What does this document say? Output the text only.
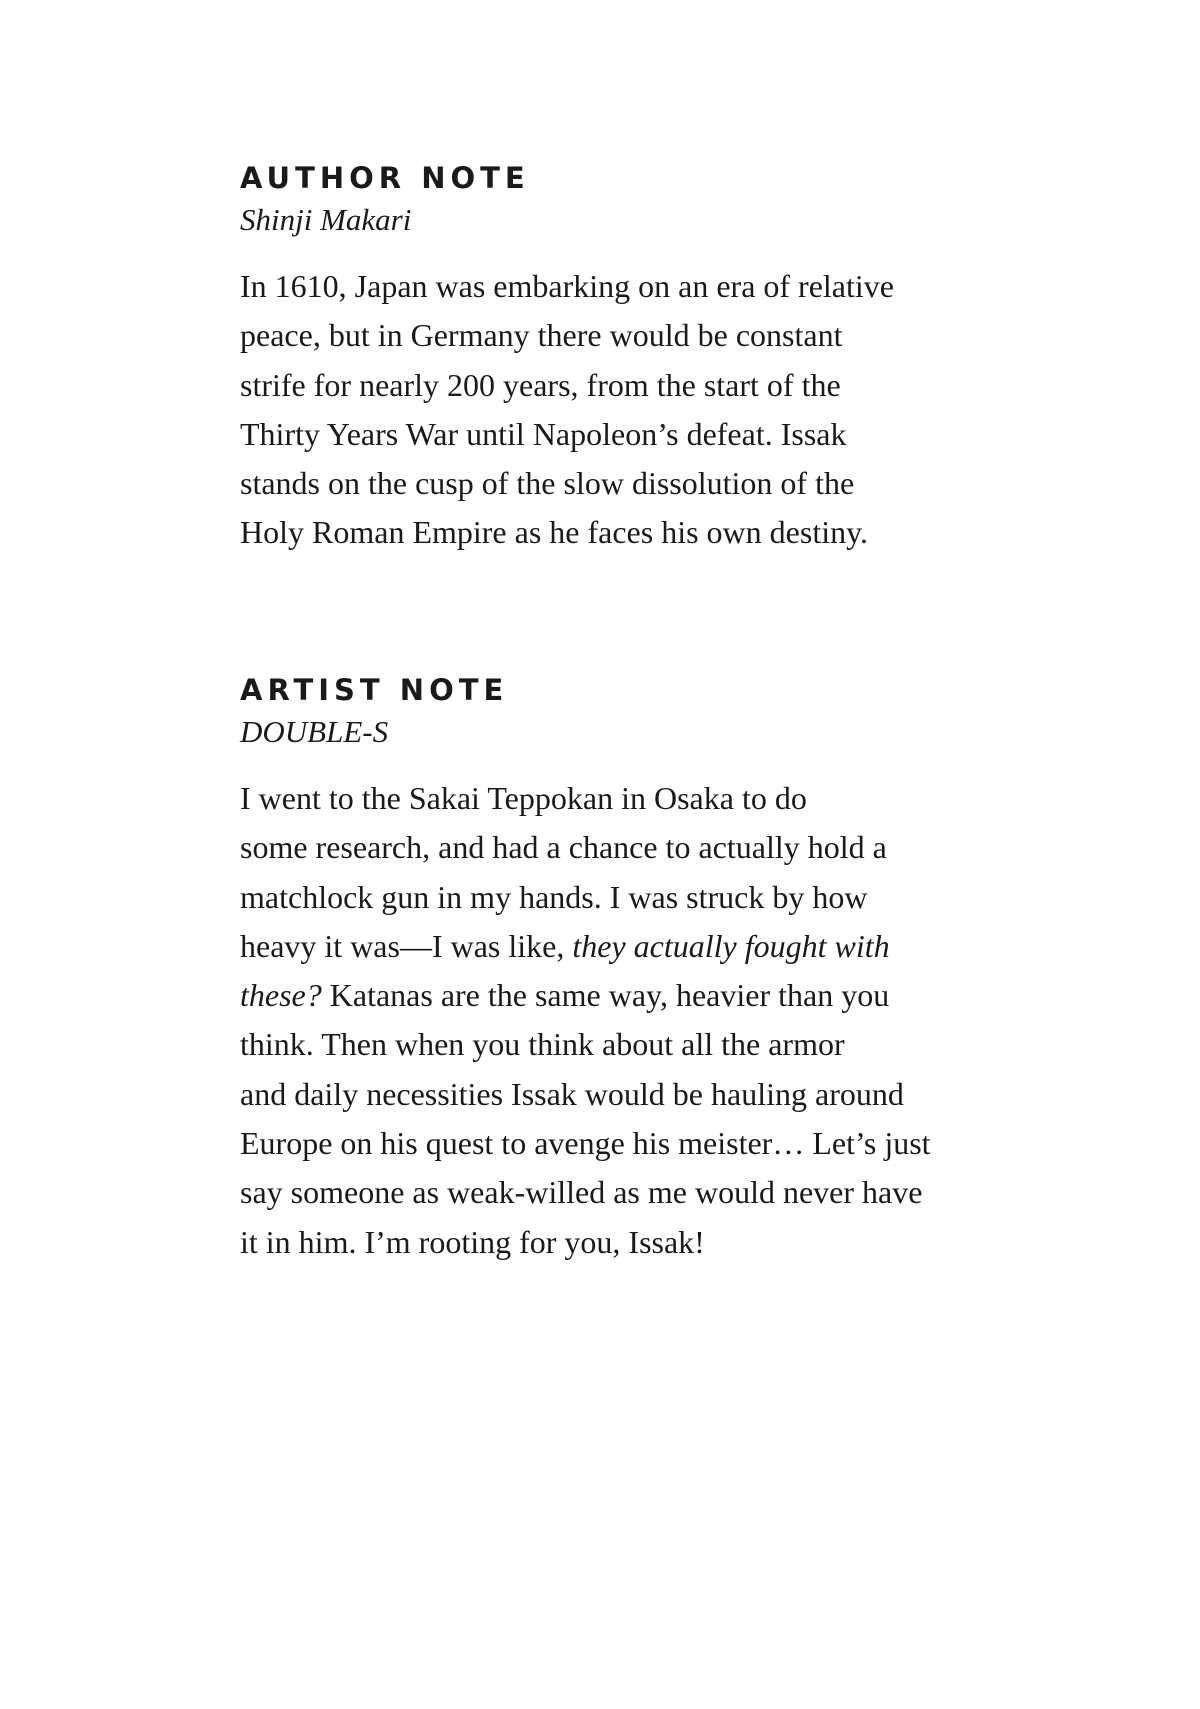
AUTHOR NOTE
Shinji Makari

In 1610, Japan was embarking on an era of relative
peace, but in Germany there would be constant
strife for nearly 200 years, from the start of the
Thirty Years War until Napoleon’s defeat. Issak
stands on the cusp of the slow dissolution of the
Holy Roman Empire as he faces his own destiny.

ARTIST NOTE
DOUBLE-S

I went to the Sakai Teppokan in Osaka to do
some research, and had a chance to actually hold a
matchlock gun in my hands. I was struck by how
heavy it was—I was like, they actually fought with
these? Katanas are the same way, heavier than you
think. Then when you think about all the armor
and daily necessities Issak would be hauling around
Europe on his quest to avenge his meister… Let’s just
say someone as weak-willed as me would never have
it in him. I’m rooting for you, Issak!
